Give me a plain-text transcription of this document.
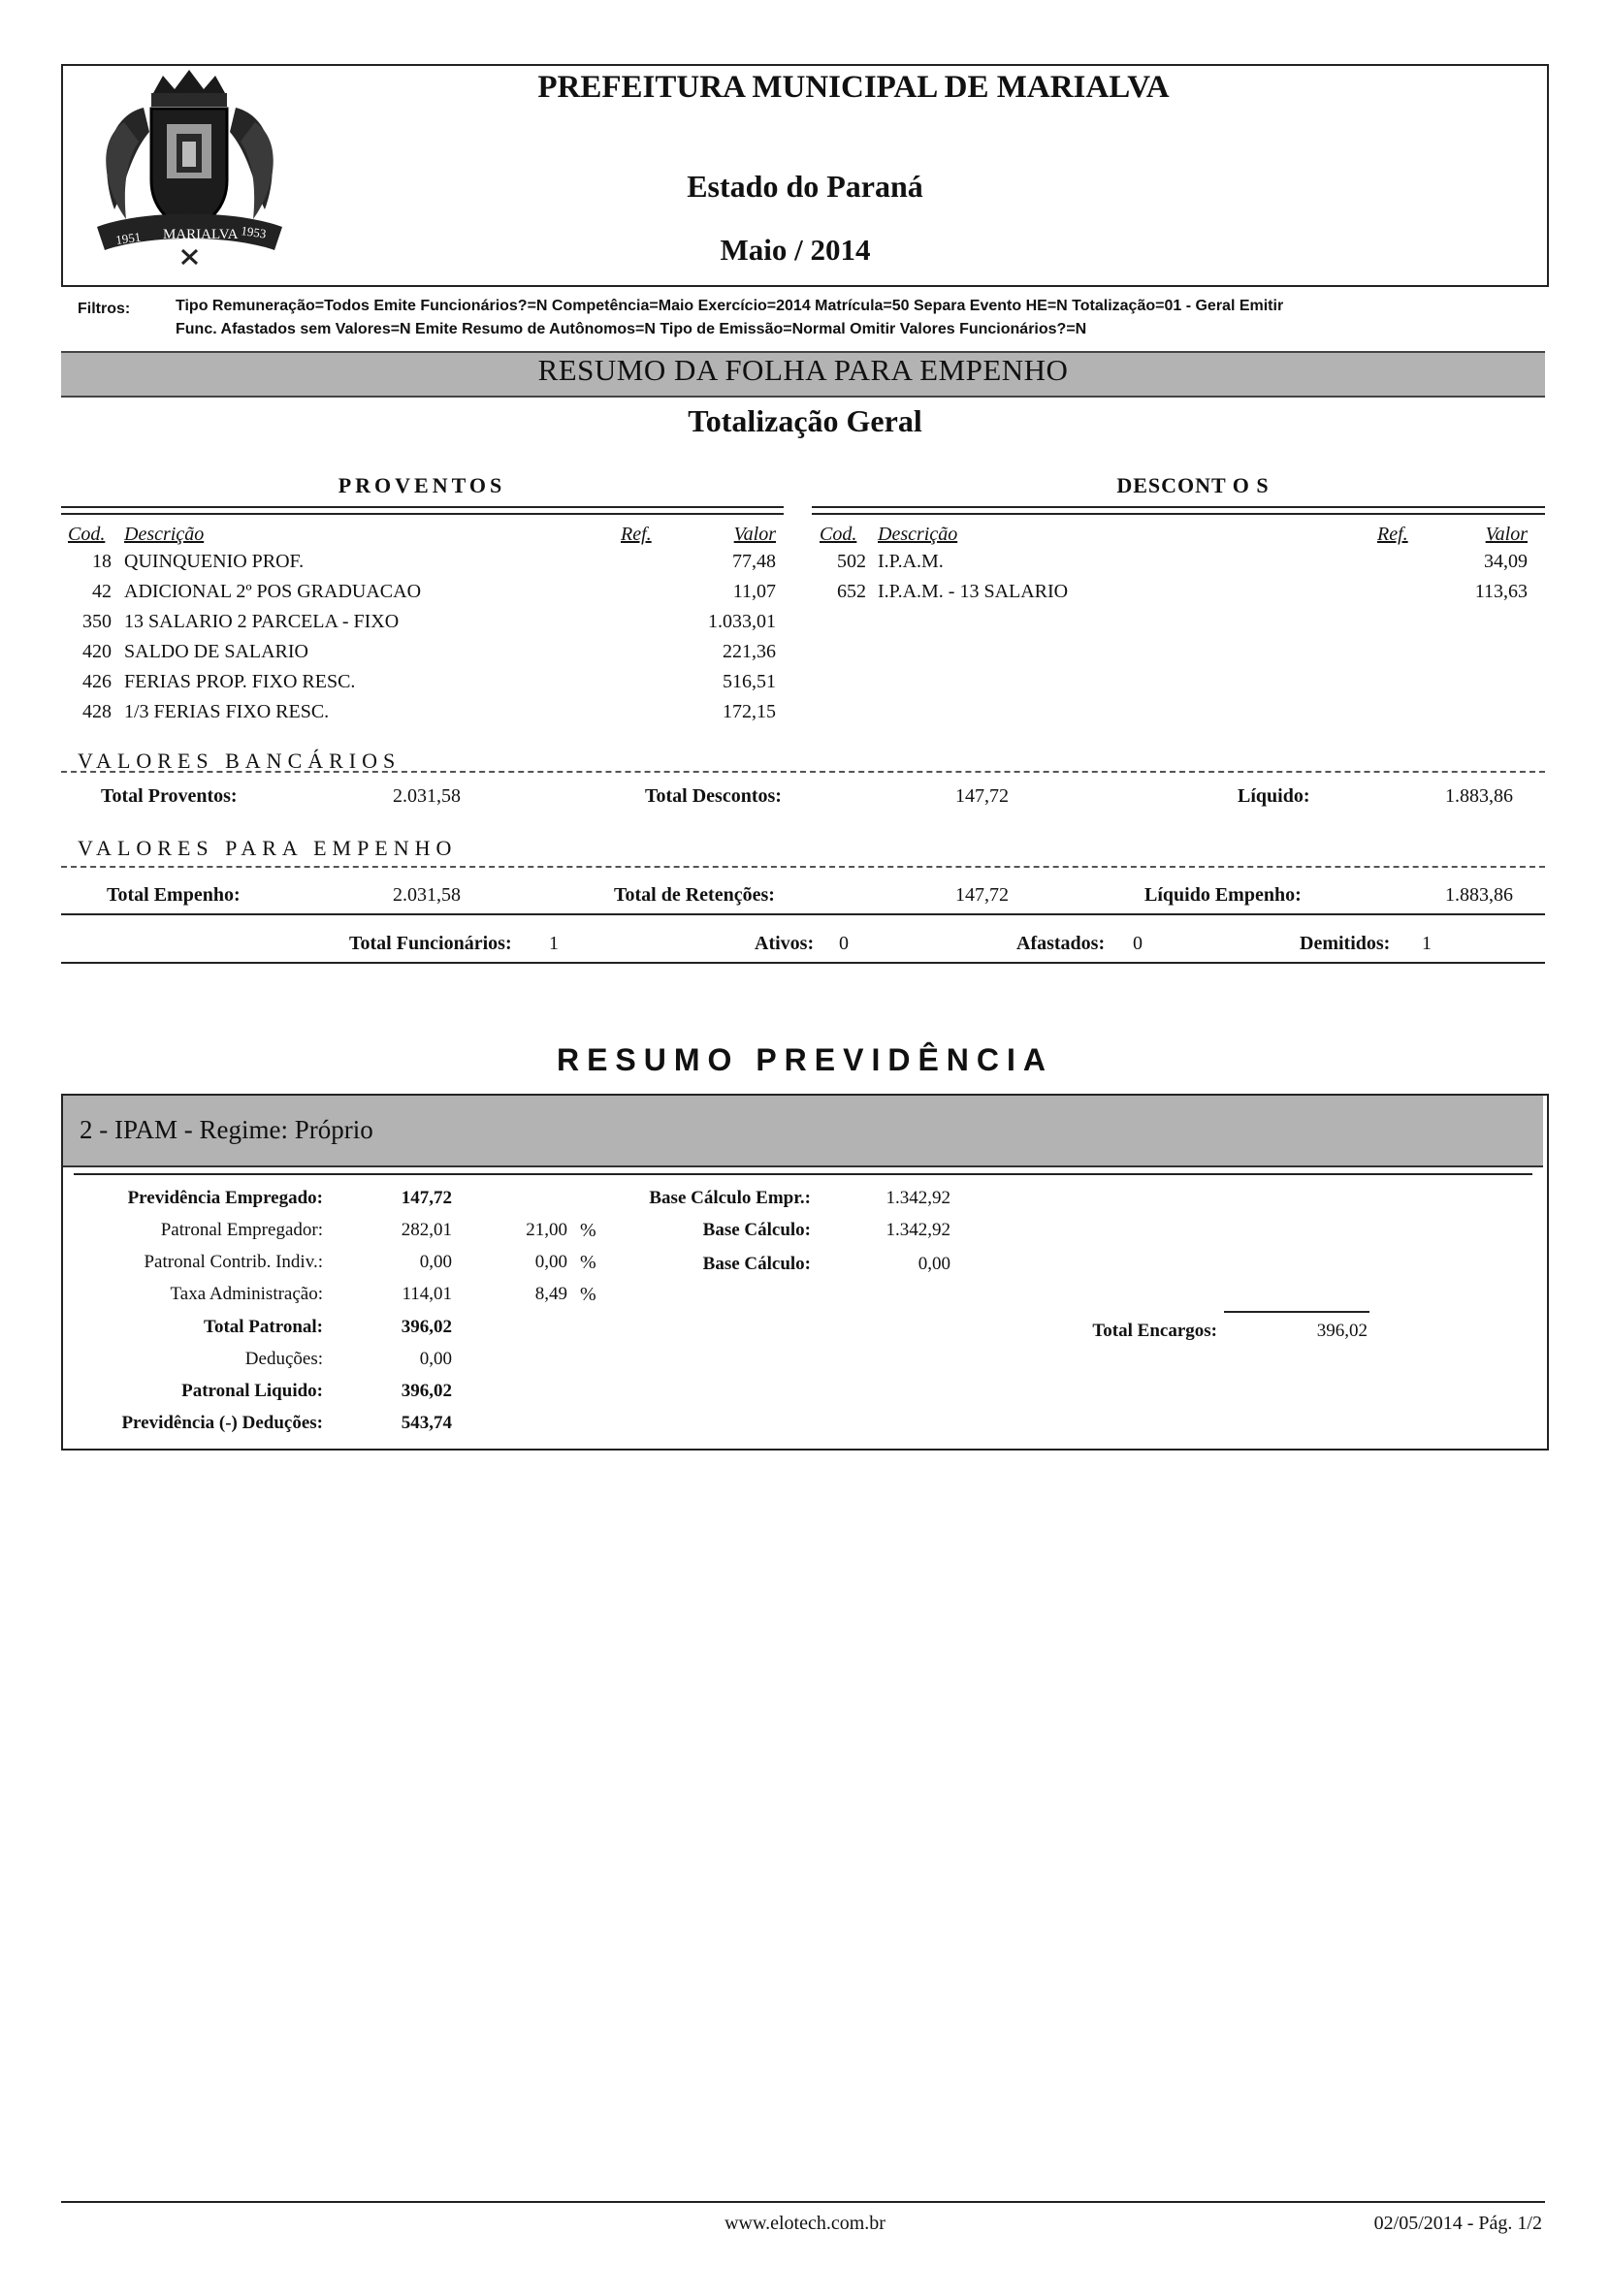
1951 MARIALVA 1953
PREFEITURA MUNICIPAL DE MARIALVA
Estado do Paraná
Maio / 2014
Filtros:	Tipo Remuneração=Todos Emite Funcionários?=N Competência=Maio Exercício=2014 Matrícula=50 Separa Evento HE=N Totalização=01 - Geral Emitir
Func. Afastados sem Valores=N Emite Resumo de Autônomos=N Tipo de Emissão=Normal Omitir Valores Funcionários?=N
RESUMO DA FOLHA PARA EMPENHO
Totalização Geral
PROVENTOS	DESCONT O S
Cod. Descrição	Ref.	Valor
18 QUINQUENIO PROF.	77,48
42 ADICIONAL 2º POS GRADUACAO	11,07
350 13 SALARIO 2 PARCELA - FIXO	1.033,01
420 SALDO DE SALARIO	221,36
426 FERIAS PROP. FIXO RESC.	516,51
428 1/3 FERIAS FIXO RESC.	172,15
Cod. Descrição	Ref.	Valor
502 I.P.A.M.	34,09
652 I.P.A.M. - 13 SALARIO	113,63
VALORES BANCÁRIOS
Total Proventos:	2.031,58	Total Descontos:	147,72	Líquido:	1.883,86
VALORES PARA EMPENHO
Total Empenho:	2.031,58	Total de Retenções:	147,72	Líquido Empenho:	1.883,86
Total Funcionários: 1	Ativos: 0	Afastados: 0	Demitidos: 1
RESUMO PREVIDÊNCIA
2 - IPAM - Regime: Próprio
Previdência Empregado:	147,72
Patronal Empregador:	282,01	21,00 %
Patronal Contrib. Indiv.:	0,00	0,00 %
Taxa Administração:	114,01	8,49 %
Total Patronal:	396,02
Deduções:	0,00
Patronal Liquido:	396,02
Previdência (-) Deduções:	543,74
Base Cálculo Empr.:	1.342,92
Base Cálculo:	1.342,92
Base Cálculo:	0,00
Total Encargos:	396,02
www.elotech.com.br	02/05/2014 - Pág. 1/2
